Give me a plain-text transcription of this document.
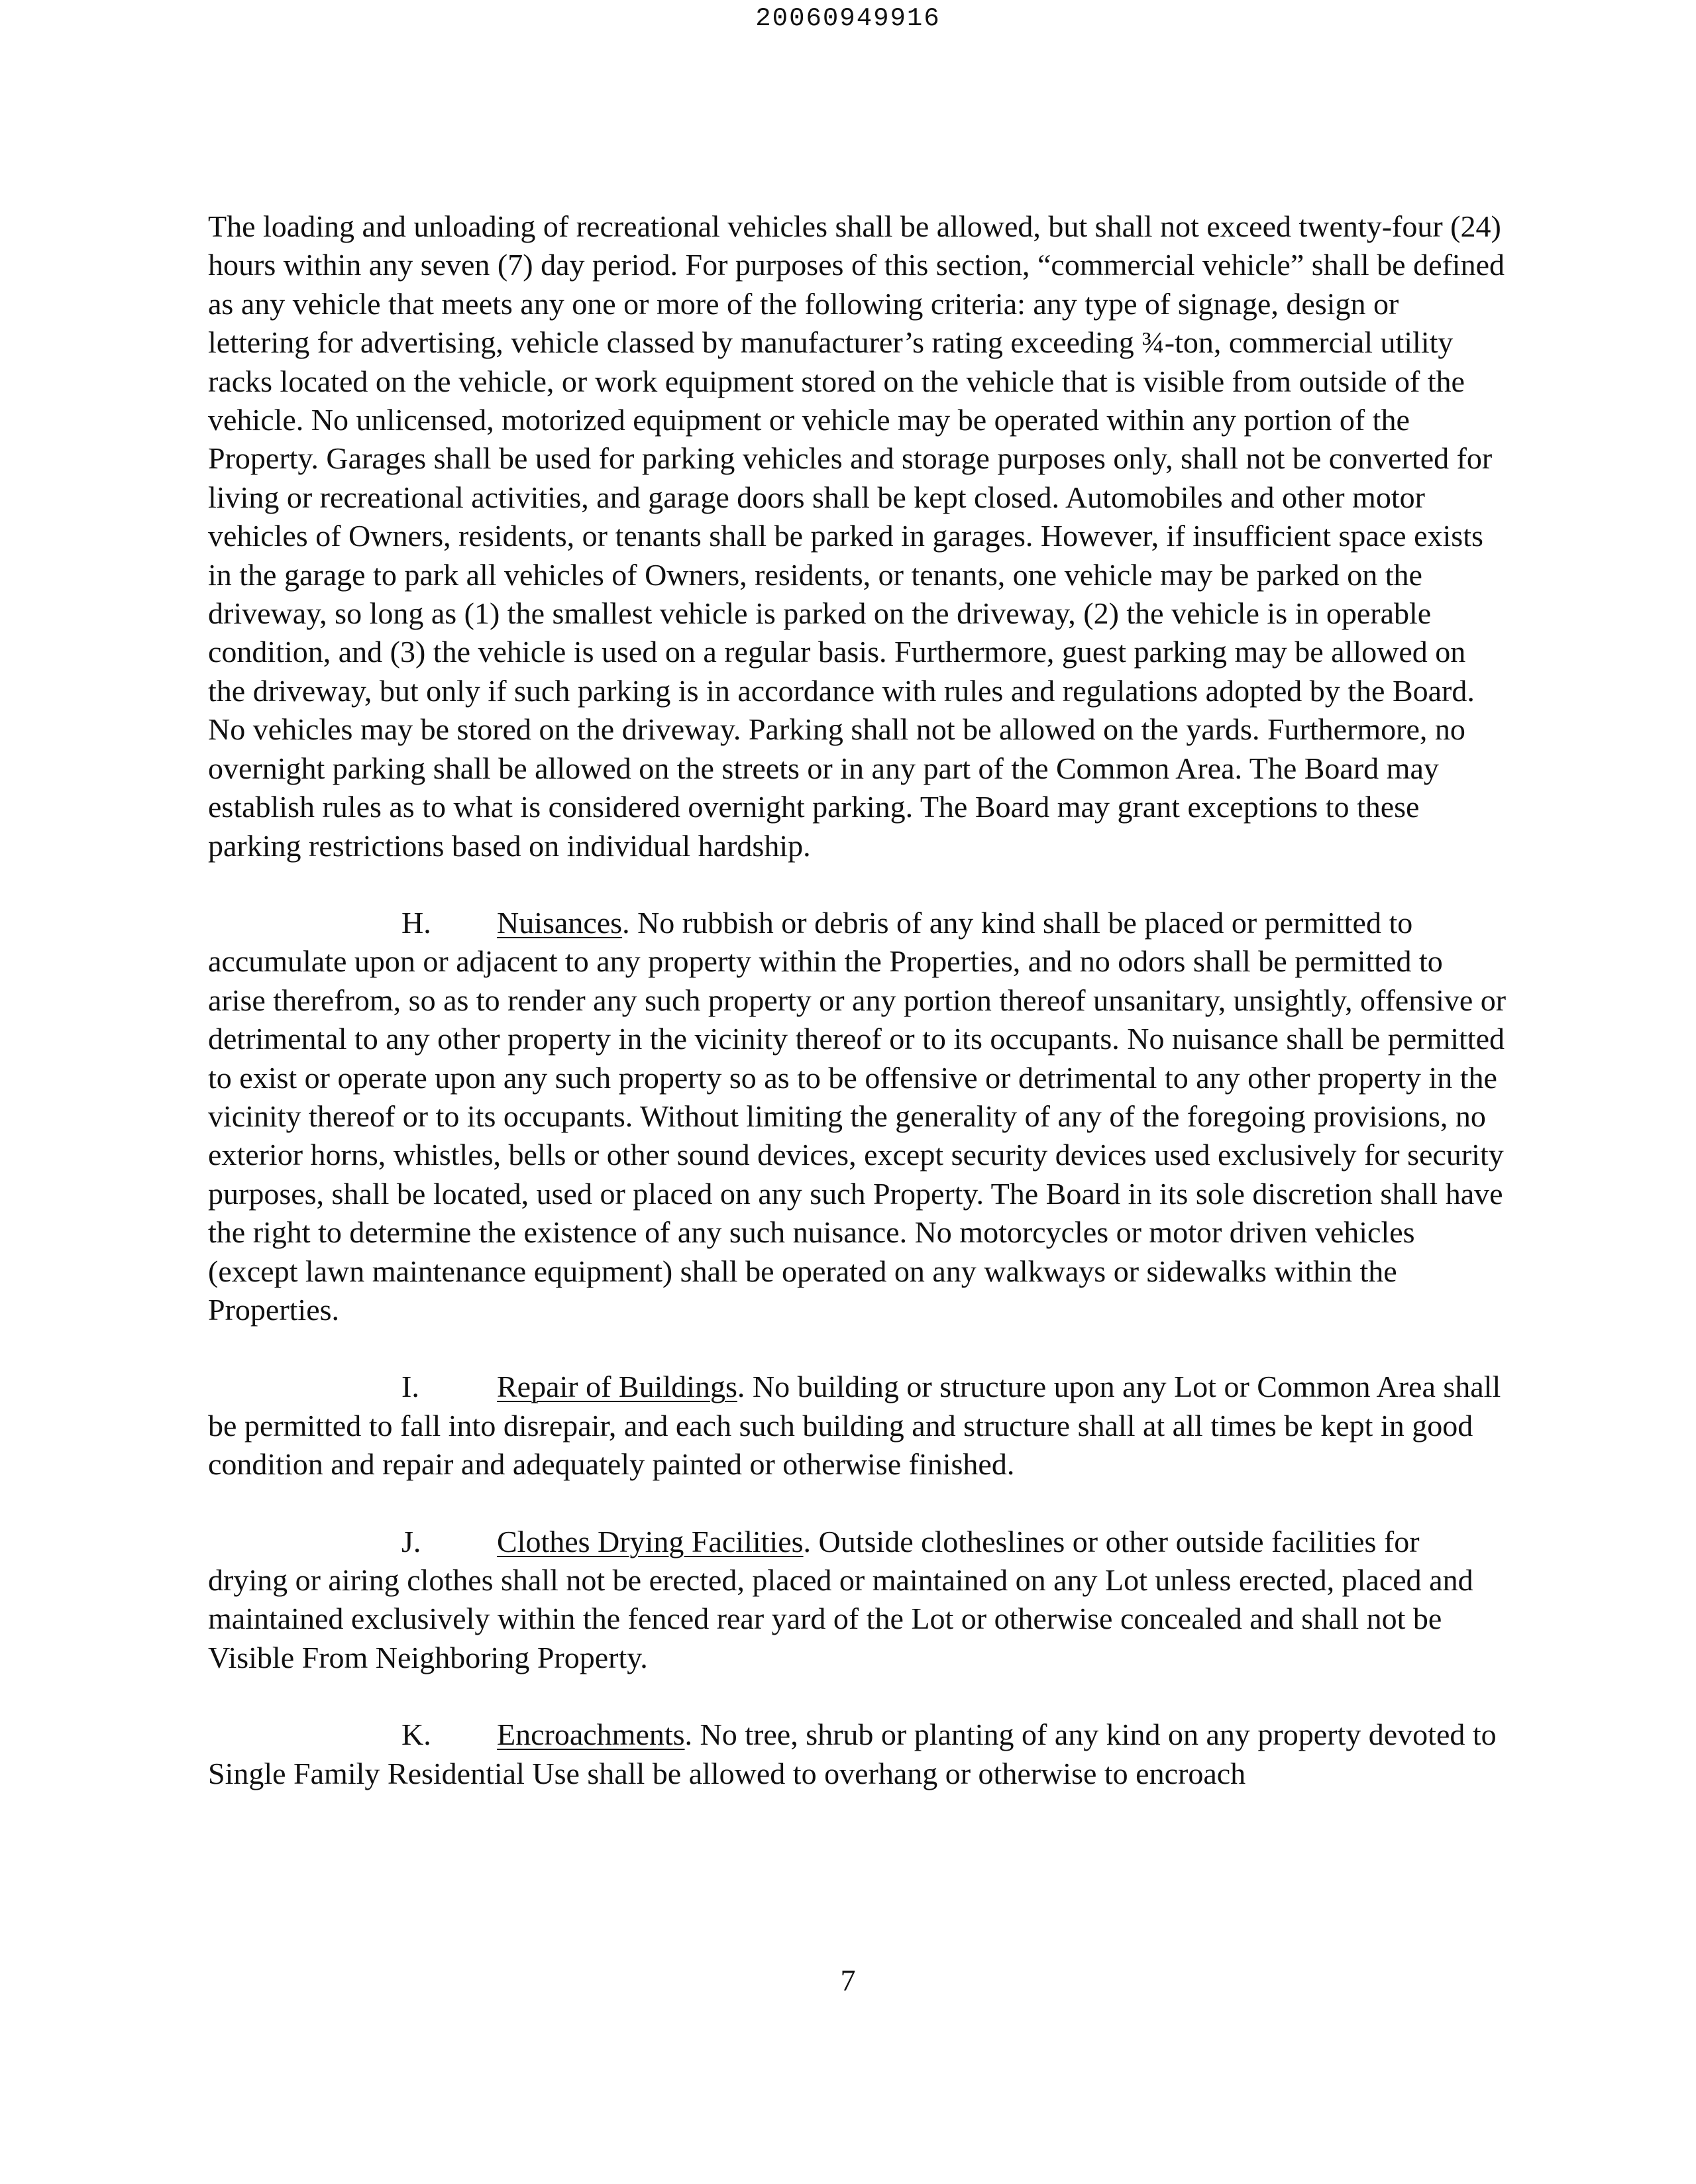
20060949916

The loading and unloading of recreational vehicles shall be allowed, but shall not exceed twenty-four (24) hours within any seven (7) day period. For purposes of this section, “commercial vehicle” shall be defined as any vehicle that meets any one or more of the following criteria: any type of signage, design or lettering for advertising, vehicle classed by manufacturer’s rating exceeding ¾-ton, commercial utility racks located on the vehicle, or work equipment stored on the vehicle that is visible from outside of the vehicle. No unlicensed, motorized equipment or vehicle may be operated within any portion of the Property. Garages shall be used for parking vehicles and storage purposes only, shall not be converted for living or recreational activities, and garage doors shall be kept closed. Automobiles and other motor vehicles of Owners, residents, or tenants shall be parked in garages. However, if insufficient space exists in the garage to park all vehicles of Owners, residents, or tenants, one vehicle may be parked on the driveway, so long as (1) the smallest vehicle is parked on the driveway, (2) the vehicle is in operable condition, and (3) the vehicle is used on a regular basis. Furthermore, guest parking may be allowed on the driveway, but only if such parking is in accordance with rules and regulations adopted by the Board. No vehicles may be stored on the driveway. Parking shall not be allowed on the yards. Furthermore, no overnight parking shall be allowed on the streets or in any part of the Common Area. The Board may establish rules as to what is considered overnight parking. The Board may grant exceptions to these parking restrictions based on individual hardship.

H. Nuisances. No rubbish or debris of any kind shall be placed or permitted to accumulate upon or adjacent to any property within the Properties, and no odors shall be permitted to arise therefrom, so as to render any such property or any portion thereof unsanitary, unsightly, offensive or detrimental to any other property in the vicinity thereof or to its occupants. No nuisance shall be permitted to exist or operate upon any such property so as to be offensive or detrimental to any other property in the vicinity thereof or to its occupants. Without limiting the generality of any of the foregoing provisions, no exterior horns, whistles, bells or other sound devices, except security devices used exclusively for security purposes, shall be located, used or placed on any such Property. The Board in its sole discretion shall have the right to determine the existence of any such nuisance. No motorcycles or motor driven vehicles (except lawn maintenance equipment) shall be operated on any walkways or sidewalks within the Properties.

I.	Repair of Buildings. No building or structure upon any Lot or Common Area shall be permitted to fall into disrepair, and each such building and structure shall at all times be kept in good condition and repair and adequately painted or otherwise finished.

J. Clothes Drying Facilities. Outside clotheslines or other outside facilities for drying or airing clothes shall not be erected, placed or maintained on any Lot unless erected, placed and maintained exclusively within the fenced rear yard of the Lot or otherwise concealed and shall not be Visible From Neighboring Property.

K. Encroachments. No tree, shrub or planting of any kind on any property devoted to Single Family Residential Use shall be allowed to overhang or otherwise to encroach

7
